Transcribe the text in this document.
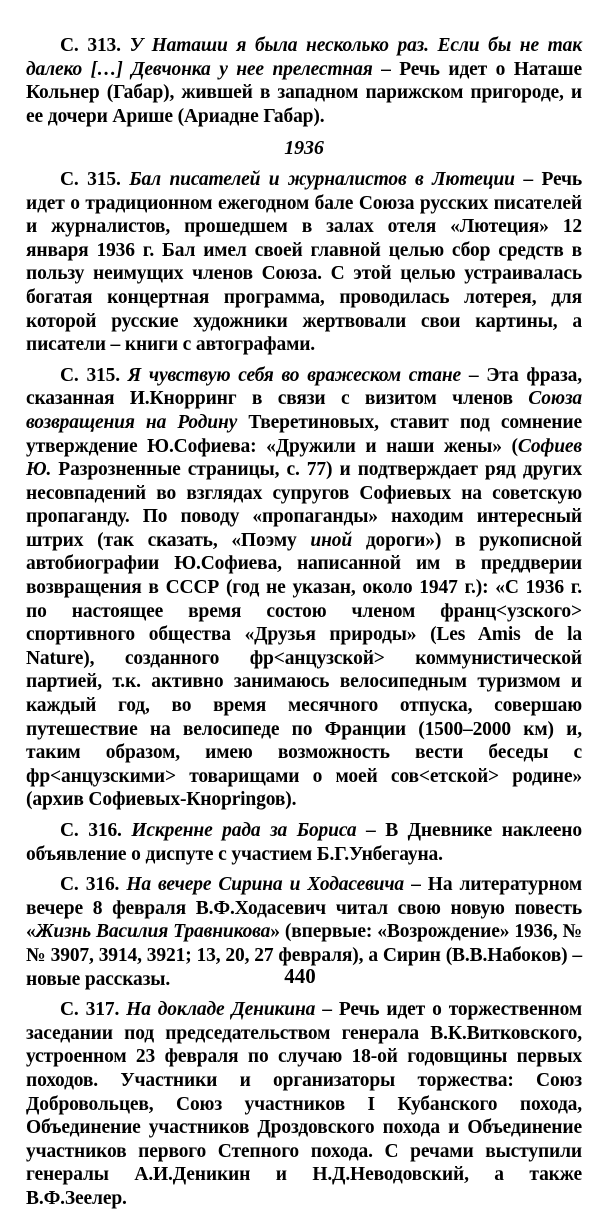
С. 313. У Наташи я была несколько раз. Если бы не так далеко […] Девчонка у нее прелестная – Речь идет о Наташе Кольнер (Габар), жившей в западном парижском пригороде, и ее дочери Арише (Ариадне Габар).

1936

С. 315. Бал писателей и журналистов в Лютеции – Речь идет о традиционном ежегодном бале Союза русских писателей и журналистов, прошедшем в залах отеля «Лютеция» 12 января 1936 г. Бал имел своей главной целью сбор средств в пользу неимущих членов Союза. С этой целью устраивалась богатая концертная программа, проводилась лотерея, для которой русские художники жертвовали свои картины, а писатели – книги с автографами.

С. 315. Я чувствую себя во вражеском стане – Эта фраза, сказанная И.Кнорринг в связи с визитом членов Союза возвращения на Родину Тверетиновых, ставит под сомнение утверждение Ю.Софиева: «Дружили и наши жены» (Софиев Ю. Разрозненные страницы, с. 77) и подтверждает ряд других несовпадений во взглядах супругов Софиевых на советскую пропаганду. По поводу «пропаганды» находим интересный штрих (так сказать, «Поэму иной дороги») в рукописной автобиографии Ю.Софиева, написанной им в преддверии возвращения в СССР (год не указан, около 1947 г.): «С 1936 г. по настоящее время состою членом франц<узского> спортивного общества «Друзья природы» (Les Amis de la Nature), созданного фр<анцузской> коммунистической партией, т.к. активно занимаюсь велосипедным туризмом и каждый год, во время месячного отпуска, совершаю путешествие на велосипеде по Франции (1500–2000 км) и, таким образом, имею возможность вести беседы с фр<анцузскими> товарищами о моей сов<етской> родине» (архив Софиевых-Кнорringов).

С. 316. Искренне рада за Бориса – В Дневнике наклеено объявление о диспуте с участием Б.Г.Унбегауна.

С. 316. На вечере Сирина и Ходасевича – На литературном вечере 8 февраля В.Ф.Ходасевич читал свою новую повесть «Жизнь Василия Травникова» (впервые: «Возрождение» 1936, №№ 3907, 3914, 3921; 13, 20, 27 февраля), а Сирин (В.В.Набоков) – новые рассказы.

С. 317. На докладе Деникина – Речь идет о торжественном заседании под председательством генерала В.К.Витковского, устроенном 23 февраля по случаю 18-ой годовщины первых походов. Участники и организаторы торжества: Союз Добровольцев, Союз участников I Кубанского похода, Объединение участников Дроздовского похода и Объединение участников первого Степного похода. С речами выступили генералы А.И.Деникин и Н.Д.Неводовский, а также В.Ф.Зеелер.

440
